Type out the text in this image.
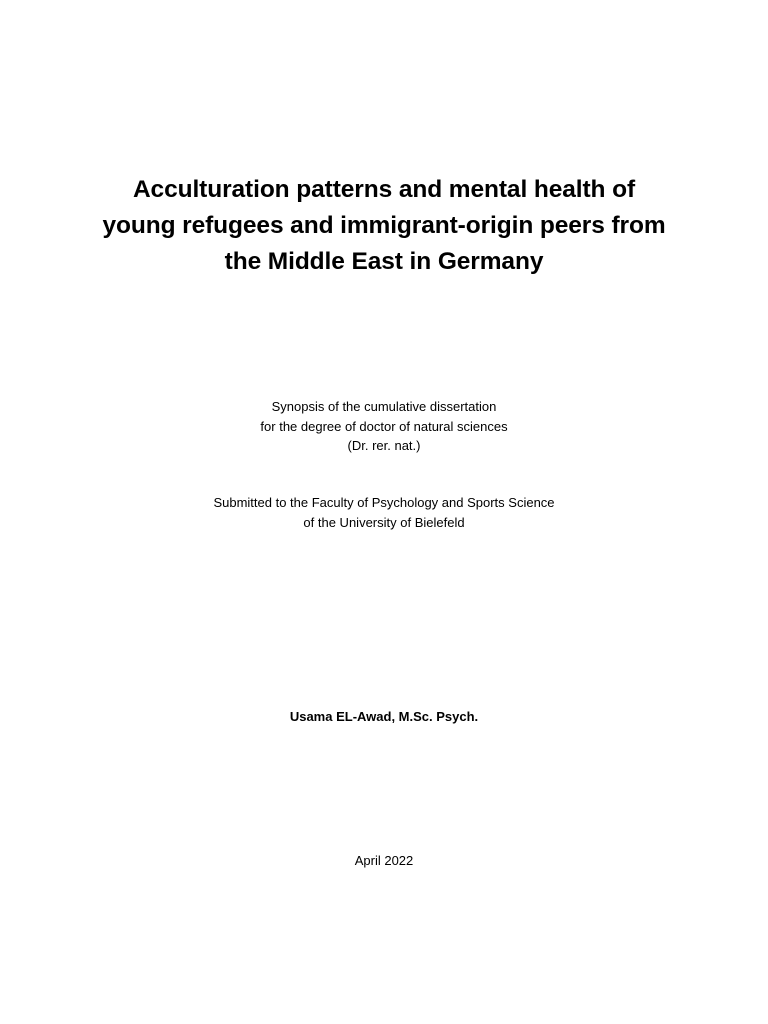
Acculturation patterns and mental health of
young refugees and immigrant-origin peers from
the Middle East in Germany
Synopsis of the cumulative dissertation
for the degree of doctor of natural sciences
(Dr. rer. nat.)
Submitted to the Faculty of Psychology and Sports Science
of the University of Bielefeld
Usama EL-Awad, M.Sc. Psych.
April 2022
